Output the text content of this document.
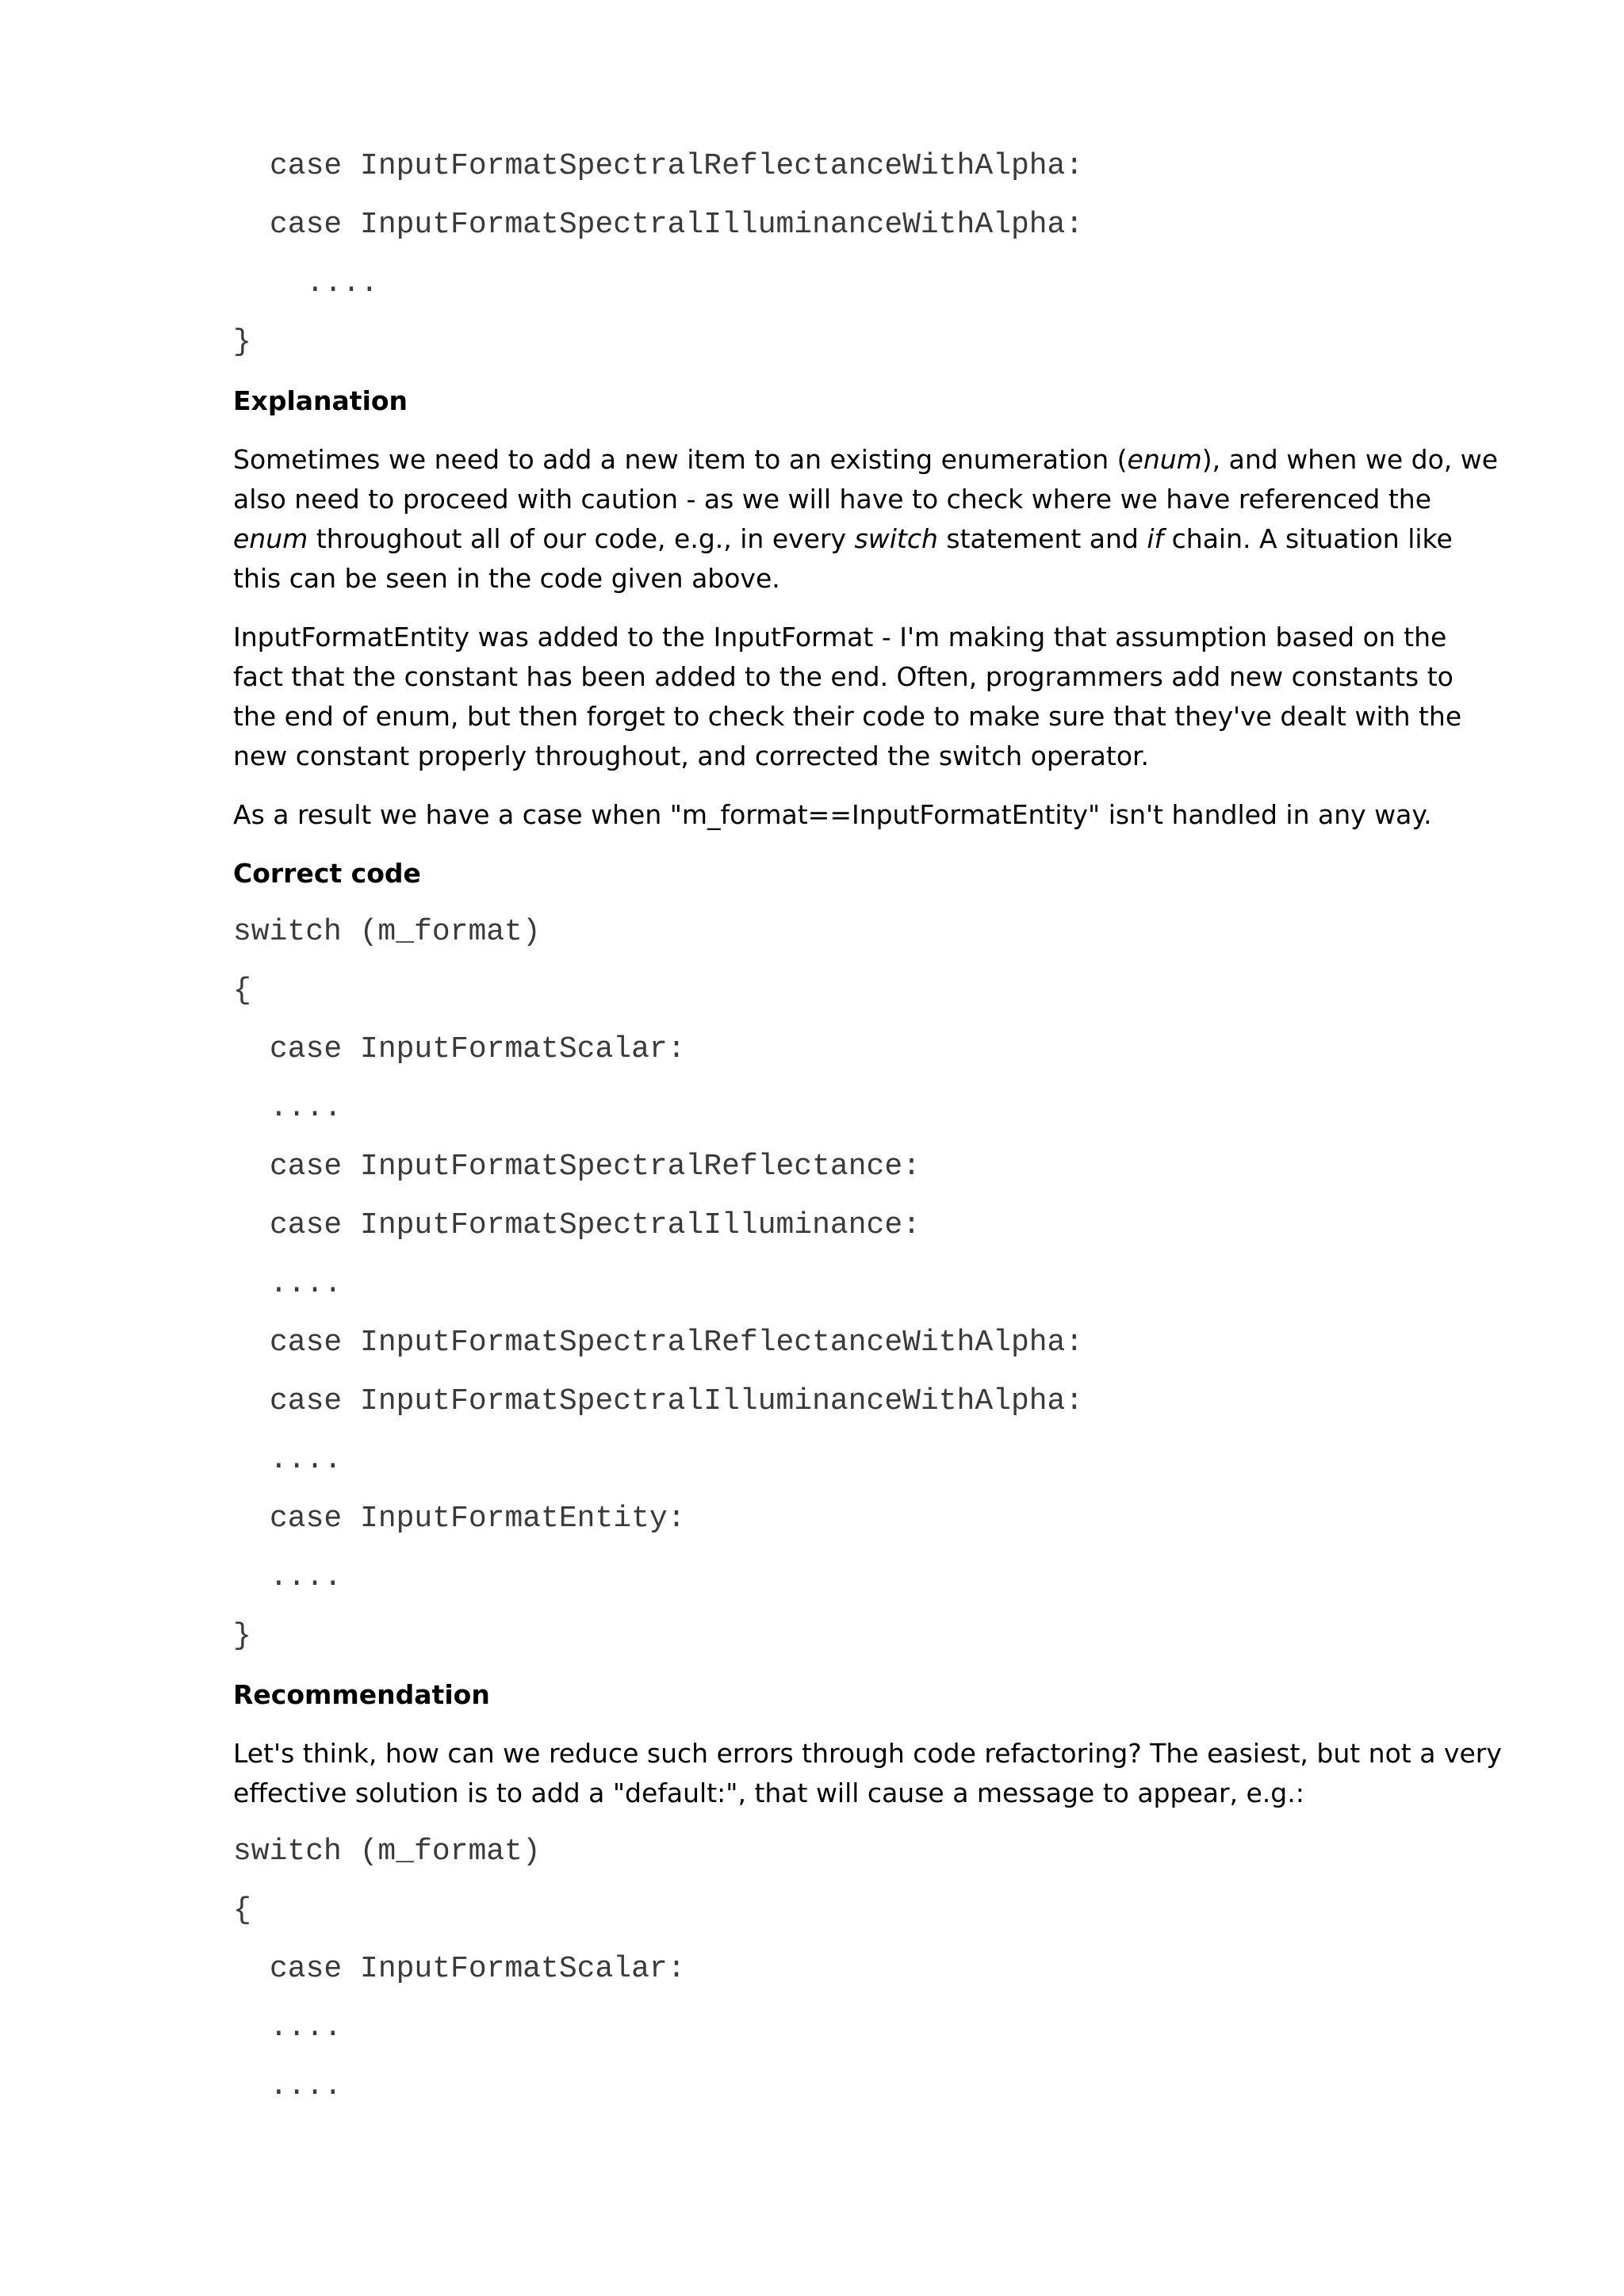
case InputFormatSpectralReflectanceWithAlpha:
case InputFormatSpectralIlluminanceWithAlpha:
....
}
Explanation

Sometimes we need to add a new item to an existing enumeration (enum), and when we do, we also need to proceed with caution - as we will have to check where we have referenced the enum throughout all of our code, e.g., in every switch statement and if chain. A situation like this can be seen in the code given above.

InputFormatEntity was added to the InputFormat - I'm making that assumption based on the fact that the constant has been added to the end. Often, programmers add new constants to the end of enum, but then forget to check their code to make sure that they've dealt with the new constant properly throughout, and corrected the switch operator.

As a result we have a case when "m_format==InputFormatEntity" isn't handled in any way.

Correct code
switch (m_format)
{
case InputFormatScalar:
....
case InputFormatSpectralReflectance:
case InputFormatSpectralIlluminance:
....
case InputFormatSpectralReflectanceWithAlpha:
case InputFormatSpectralIlluminanceWithAlpha:
....
case InputFormatEntity:
....
}
Recommendation

Let's think, how can we reduce such errors through code refactoring? The easiest, but not a very effective solution is to add a "default:", that will cause a message to appear, e.g.:

switch (m_format)
{
case InputFormatScalar:
....
....
